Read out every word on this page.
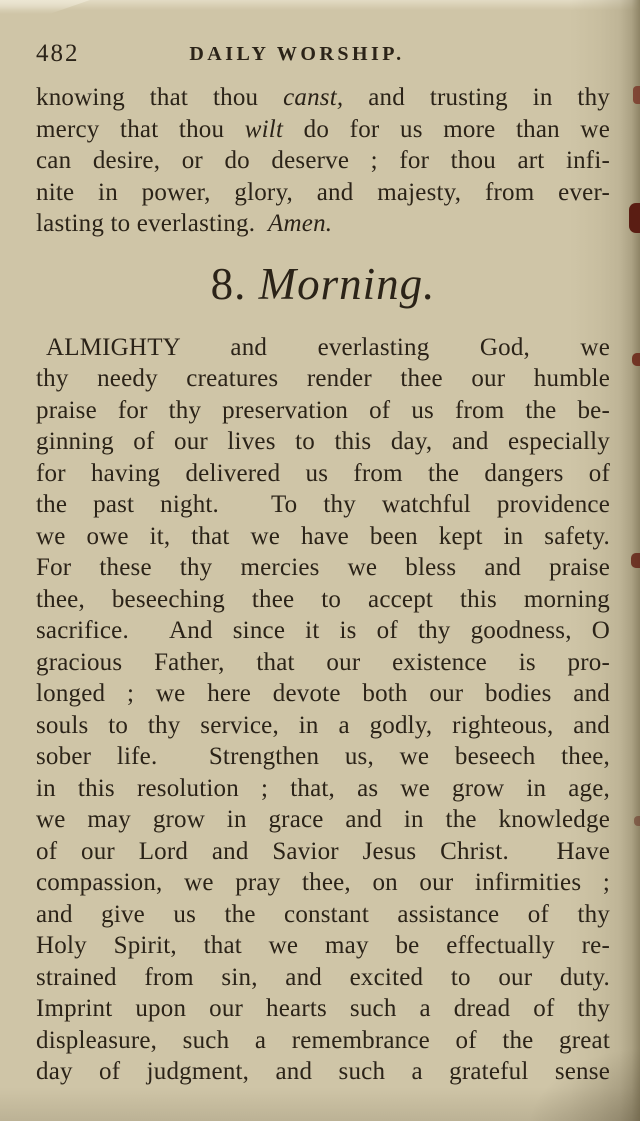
482	DAILY WORSHIP.
knowing that thou canst, and trusting in thy
mercy that thou wilt do for us more than we
can desire, or do deserve ; for thou art infi-
nite in power, glory, and majesty, from ever-
lasting to everlasting.  Amen.
8. Morning.
ALMIGHTY and everlasting God, we
thy needy creatures render thee our humble
praise for thy preservation of us from the be-
ginning of our lives to this day, and especially
for having delivered us from the dangers of
the past night.  To thy watchful providence
we owe it, that we have been kept in safety.
For these thy mercies we bless and praise
thee, beseeching thee to accept this morning
sacrifice.  And since it is of thy goodness, O
gracious Father, that our existence is pro-
longed ; we here devote both our bodies and
souls to thy service, in a godly, righteous, and
sober life.  Strengthen us, we beseech thee,
in this resolution ; that, as we grow in age,
we may grow in grace and in the knowledge
of our Lord and Savior Jesus Christ.  Have
compassion, we pray thee, on our infirmities ;
and give us the constant assistance of thy
Holy Spirit, that we may be effectually re-
strained from sin, and excited to our duty.
Imprint upon our hearts such a dread of thy
displeasure, such a remembrance of the great
day of judgment, and such a grateful sense
